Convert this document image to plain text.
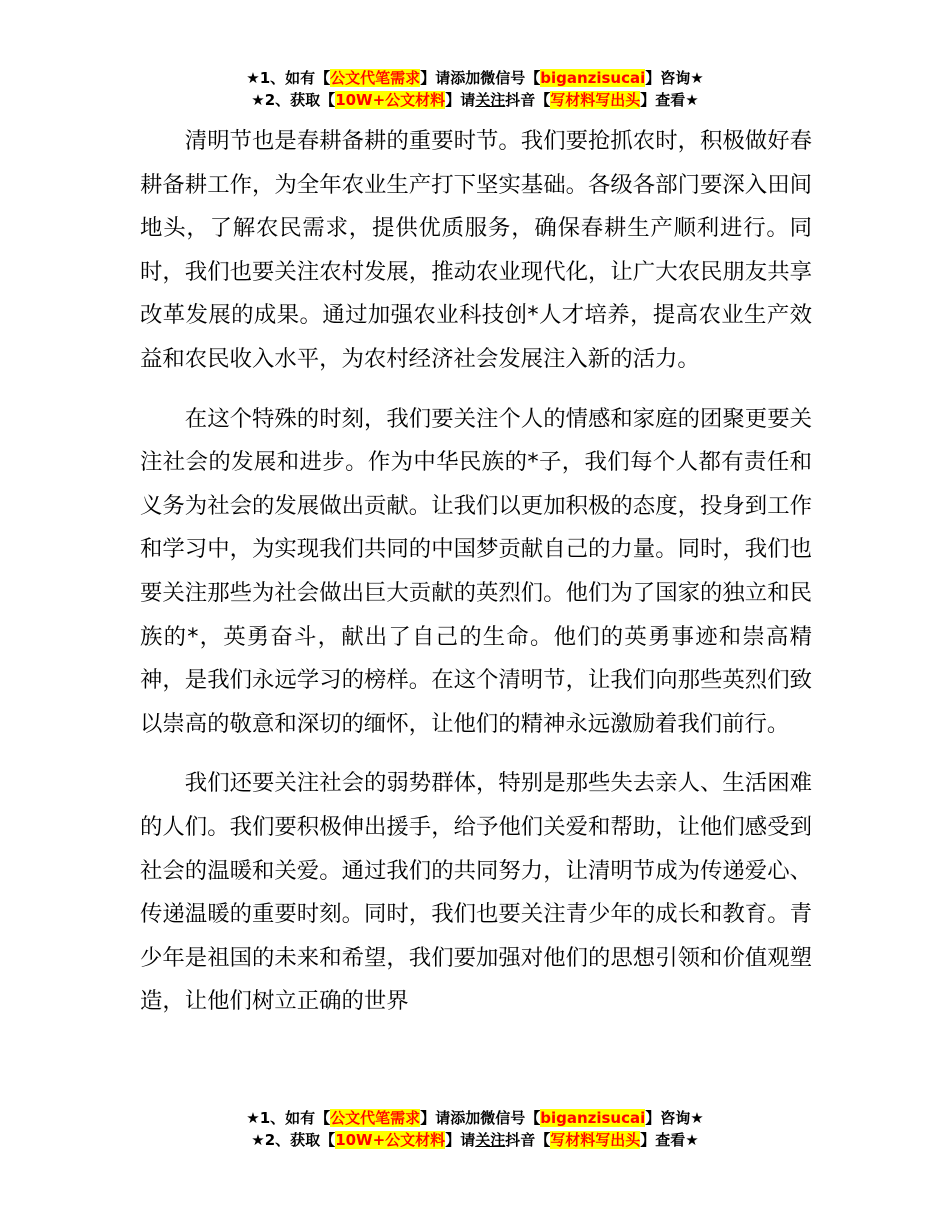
★1、如有【公文代笔需求】请添加微信号【biganzisucai】咨询★
★2、获取【10W+公文材料】请关注抖音【写材料写出头】查看★

清明节也是春耕备耕的重要时节。我们要抢抓农时，积极做好春耕备耕工作，为全年农业生产打下坚实基础。各级各部门要深入田间地头，了解农民需求，提供优质服务，确保春耕生产顺利进行。同时，我们也要关注农村发展，推动农业现代化，让广大农民朋友共享改革发展的成果。通过加强农业科技创*人才培养，提高农业生产效益和农民收入水平，为农村经济社会发展注入新的活力。

在这个特殊的时刻，我们要关注个人的情感和家庭的团聚更要关注社会的发展和进步。作为中华民族的*子，我们每个人都有责任和义务为社会的发展做出贡献。让我们以更加积极的态度，投身到工作和学习中，为实现我们共同的中国梦贡献自己的力量。同时，我们也要关注那些为社会做出巨大贡献的英烈们。他们为了国家的独立和民族的*，英勇奋斗，献出了自己的生命。他们的英勇事迹和崇高精神，是我们永远学习的榜样。在这个清明节，让我们向那些英烈们致以崇高的敬意和深切的缅怀，让他们的精神永远激励着我们前行。

我们还要关注社会的弱势群体，特别是那些失去亲人、生活困难的人们。我们要积极伸出援手，给予他们关爱和帮助，让他们感受到社会的温暖和关爱。通过我们的共同努力，让清明节成为传递爱心、传递温暖的重要时刻。同时，我们也要关注青少年的成长和教育。青少年是祖国的未来和希望，我们要加强对他们的思想引领和价值观塑造，让他们树立正确的世界

★1、如有【公文代笔需求】请添加微信号【biganzisucai】咨询★
★2、获取【10W+公文材料】请关注抖音【写材料写出头】查看★
